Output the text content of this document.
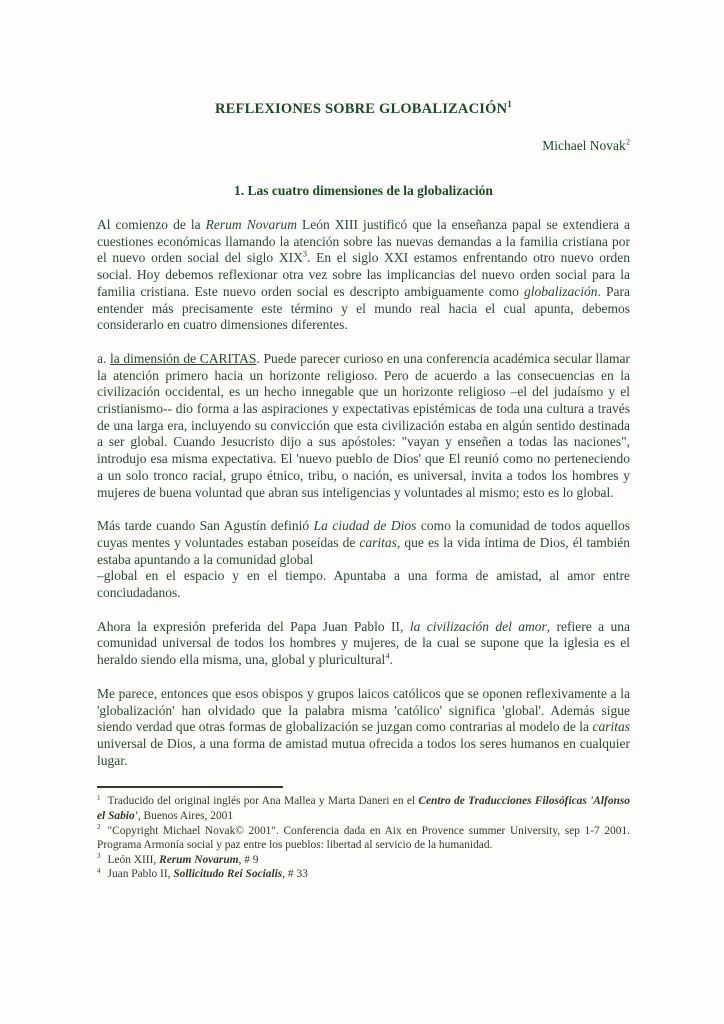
REFLEXIONES SOBRE GLOBALIZACIÓN$^1$
Michael Novak$^2$
1. Las cuatro dimensiones de la globalización

Al comienzo de la Rerum Novarum León XIII justificó que la enseñanza papal se extendiera a cuestiones económicas llamando la atención sobre las nuevas demandas a la familia cristiana por el nuevo orden social del siglo XIX$^3$. En el siglo XXI estamos enfrentando otro nuevo orden social. Hoy debemos reflexionar otra vez sobre las implicancias del nuevo orden social para la familia cristiana. Este nuevo orden social es descripto ambiguamente como globalización. Para entender más precisamente este término y el mundo real hacia el cual apunta, debemos considerarlo en cuatro dimensiones diferentes.

a. la dimensión de CARITAS. Puede parecer curioso en una conferencia académica secular llamar la atención primero hacia un horizonte religioso. Pero de acuerdo a las consecuencias en la civilización occidental, es un hecho innegable que un horizonte religioso –el del judaísmo y el cristianismo-- dio forma a las aspiraciones y expectativas epistémicas de toda una cultura a través de una larga era, incluyendo su convicción que esta civilización estaba en algún sentido destinada a ser global. Cuando Jesucristo dijo a sus apóstoles: "vayan y enseñen a todas las naciones", introdujo esa misma expectativa. El 'nuevo pueblo de Dios' que El reunió como no perteneciendo a un solo tronco racial, grupo étnico, tribu, o nación, es universal, invita a todos los hombres y mujeres de buena voluntad que abran sus inteligencias y voluntades al mismo; esto es lo global.

Más tarde cuando San Agustín definió La ciudad de Dios como la comunidad de todos aquellos cuyas mentes y voluntades estaban poseídas de caritas, que es la vida íntima de Dios, él también estaba apuntando a la comunidad global
–global en el espacio y en el tiempo. Apuntaba a una forma de amistad, al amor entre conciudadanos.

Ahora la expresión preferida del Papa Juan Pablo II, la civilización del amor, refiere a una comunidad universal de todos los hombres y mujeres, de la cual se supone que la iglesia es el heraldo siendo ella misma, una, global y pluricultural$^4$.

Me parece, entonces que esos obispos y grupos laicos católicos que se oponen reflexivamente a la 'globalización' han olvidado que la palabra misma 'católico' significa 'global'. Además sigue siendo verdad que otras formas de globalización se juzgan como contrarias al modelo de la caritas universal de Dios, a una forma de amistad mutua ofrecida a todos los seres humanos en cualquier lugar.

$^1$ Traducido del original inglés por Ana Mallea y Marta Daneri en el Centro de Traducciones Filosóficas 'Alfonso el Sabio', Buenos Aires, 2001

$^2$ "Copyright Michael Novak© 2001". Conferencia dada en Aix en Provence summer University, sep 1-7 2001. Programa Armonía social y paz entre los pueblos: libertad al servicio de la humanidad.

$^3$ León XIII, Rerum Novarum, # 9

$^4$ Juan Pablo II, Sollicitudo Rei Socialis, # 33
